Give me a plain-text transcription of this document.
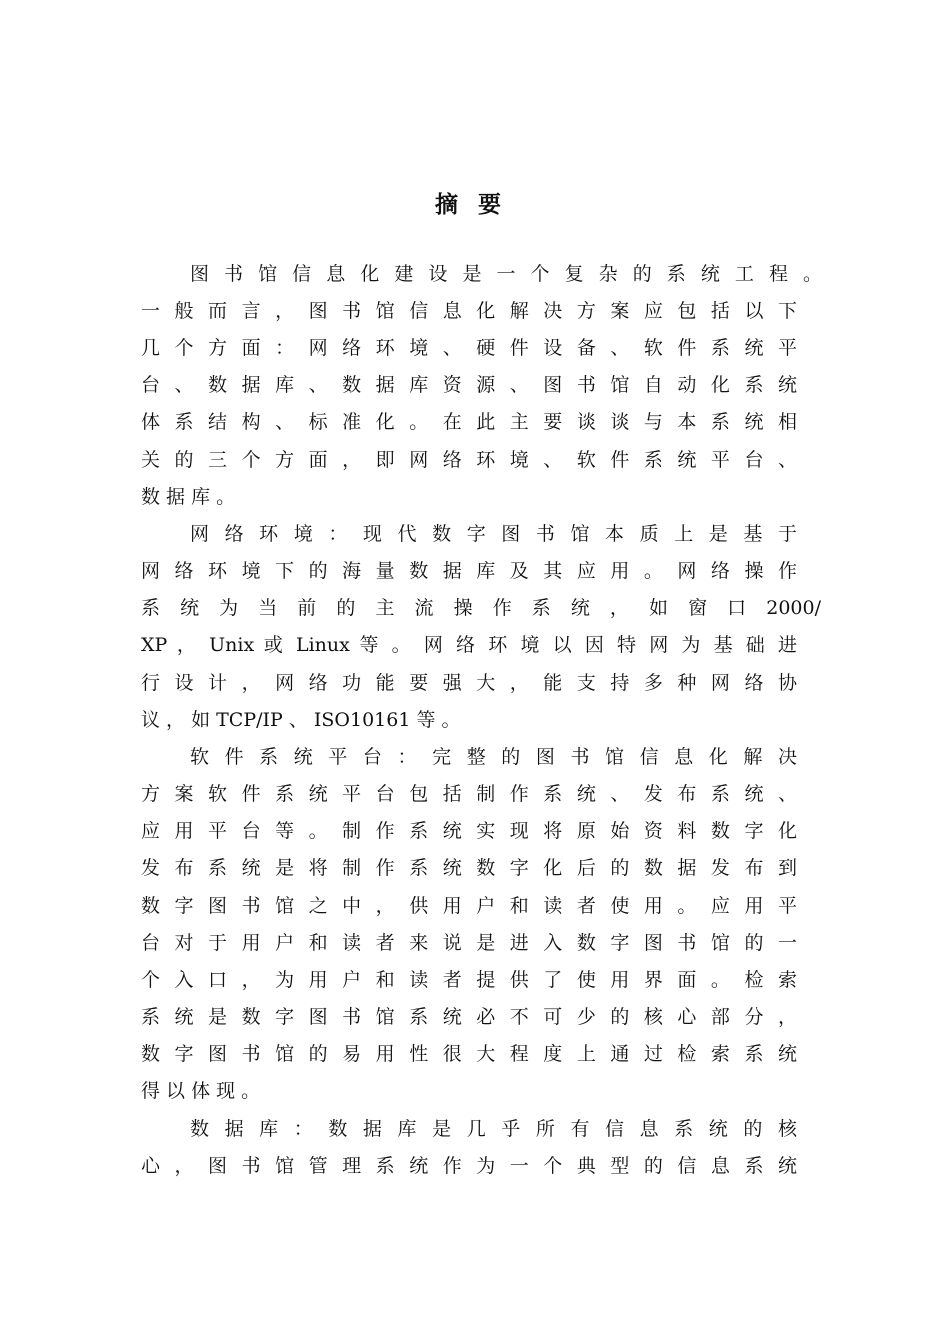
摘 要
图 书 馆 信 息 化 建 设 是 一 个 复 杂 的 系 统 工 程 。
一 般 而 言 ， 图 书 馆 信 息 化 解 决 方 案 应 包 括 以 下
几 个 方 面 ： 网 络 环 境 、 硬 件 设 备 、 软 件 系 统 平
台 、 数 据 库 、 数 据 库 资 源 、 图 书 馆 自 动 化 系 统
体 系 结 构 、 标 准 化 。 在 此 主 要 谈 谈 与 本 系 统 相
关 的 三 个 方 面 ， 即 网 络 环 境 、 软 件 系 统 平 台 、
数 据 库 。
网 络 环 境 ： 现 代 数 字 图 书 馆 本 质 上 是 基 于
网 络 环 境 下 的 海 量 数 据 库 及 其 应 用 。 网 络 操 作
系 统 为 当 前 的 主 流 操 作 系 统 ， 如 窗 口 2000/
XP ， Unix 或 Linux 等 。 网 络 环 境 以 因 特 网 为 基 础 进
行 设 计 ， 网 络 功 能 要 强 大 ， 能 支 持 多 种 网 络 协
议 ， 如 TCP/IP 、 ISO10161 等 。
软 件 系 统 平 台 ： 完 整 的 图 书 馆 信 息 化 解 决
方 案 软 件 系 统 平 台 包 括 制 作 系 统 、 发 布 系 统 、
应 用 平 台 等 。 制 作 系 统 实 现 将 原 始 资 料 数 字 化
发 布 系 统 是 将 制 作 系 统 数 字 化 后 的 数 据 发 布 到
数 字 图 书 馆 之 中 ， 供 用 户 和 读 者 使 用 。 应 用 平
台 对 于 用 户 和 读 者 来 说 是 进 入 数 字 图 书 馆 的 一
个 入 口 ， 为 用 户 和 读 者 提 供 了 使 用 界 面 。 检 索
系 统 是 数 字 图 书 馆 系 统 必 不 可 少 的 核 心 部 分 ，
数 字 图 书 馆 的 易 用 性 很 大 程 度 上 通 过 检 索 系 统
得 以 体 现 。
数 据 库 ： 数 据 库 是 几 乎 所 有 信 息 系 统 的 核
心 ， 图 书 馆 管 理 系 统 作 为 一 个 典 型 的 信 息 系 统
